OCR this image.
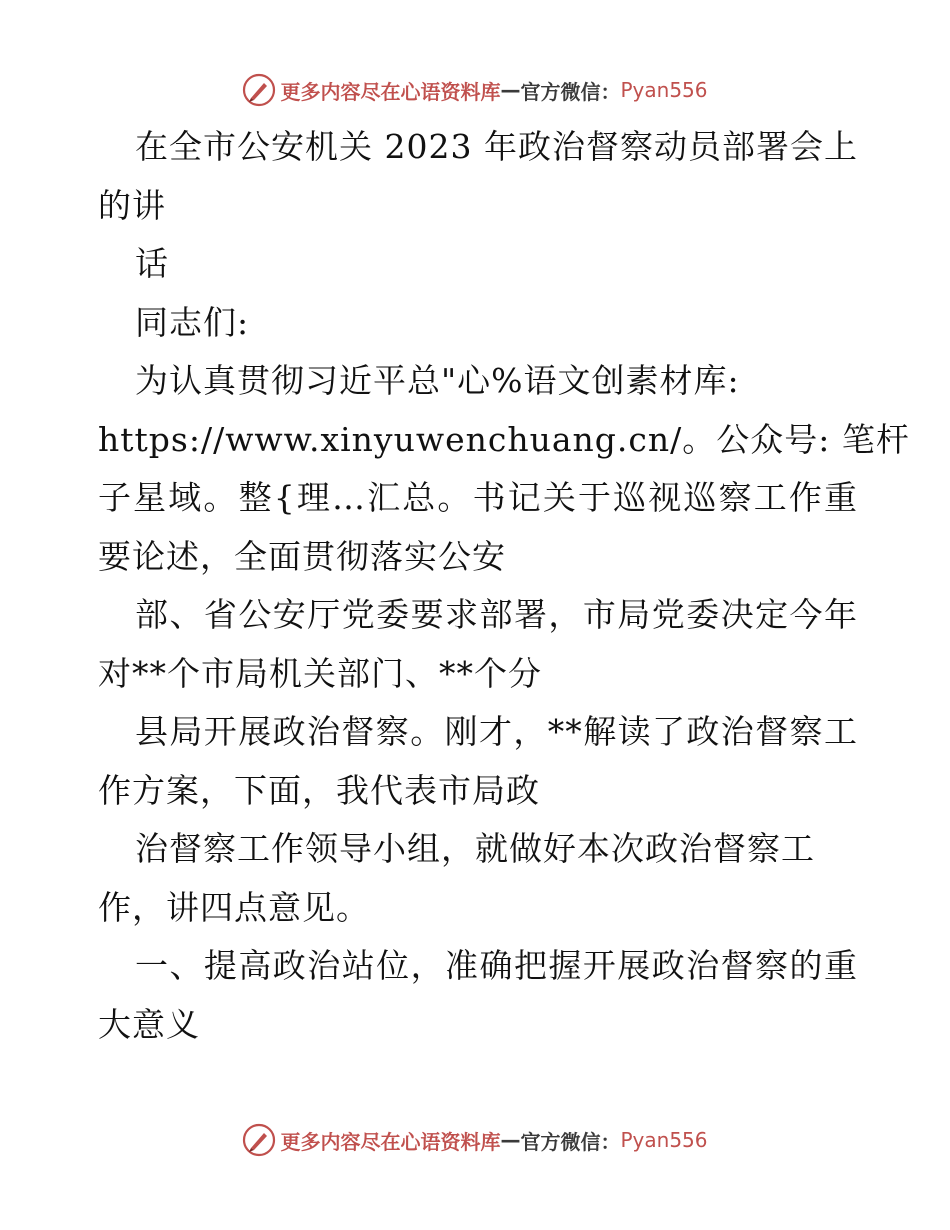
更多内容尽在心语资料库 — 官方微信： Pyan556
在全市公安机关 2023 年政治督察动员部署会上
的讲
话
同志们:
为认真贯彻习近平总"心%语文创素材库:
https://www.xinyuwenchuang.cn/。公众号: 笔杆
子星域。整{理…汇总。书记关于巡视巡察工作重
要论述，全面贯彻落实公安
部、省公安厅党委要求部署，市局党委决定今年
对**个市局机关部门、**个分
县局开展政治督察。刚才，**解读了政治督察工
作方案，下面，我代表市局政
治督察工作领导小组，就做好本次政治督察工
作，讲四点意见。
一、提高政治站位，准确把握开展政治督察的重
大意义
更多内容尽在心语资料库 — 官方微信： Pyan556
